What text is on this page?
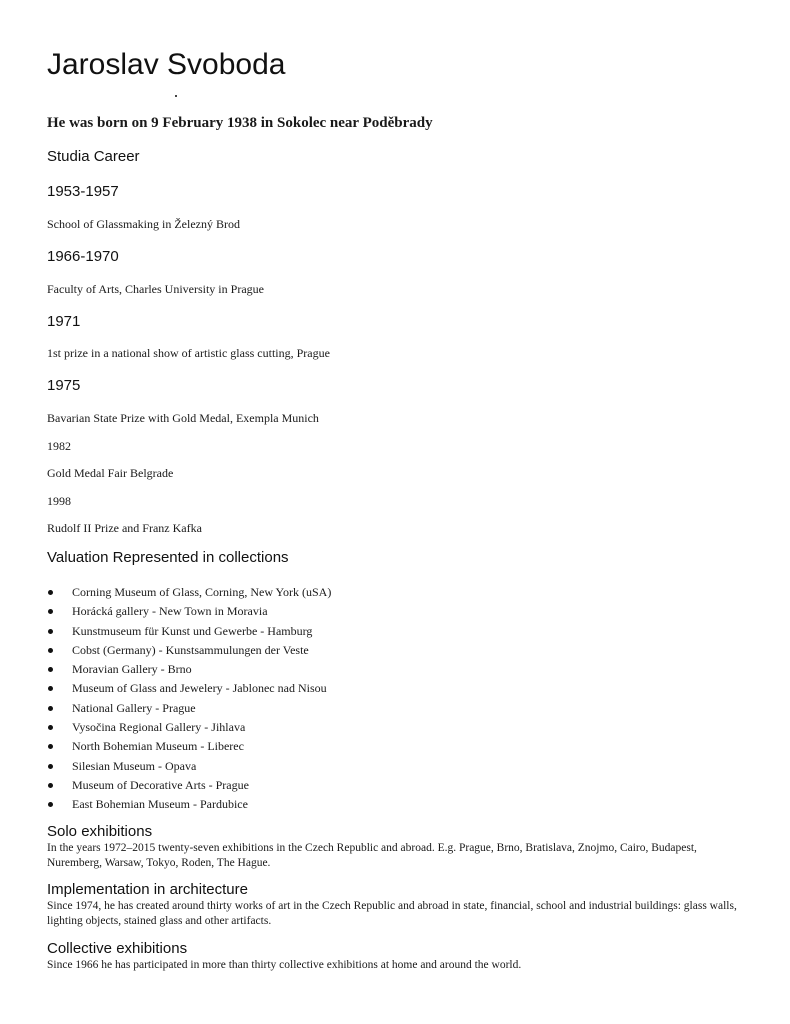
Jaroslav Svoboda

He was born on 9 February 1938 in Sokolec near Poděbrady

Studia Career
1953-1957

School of Glassmaking in Železný Brod

1966-1970

Faculty of Arts, Charles University in Prague

1971

1st prize in a national show of artistic glass cutting, Prague

1975

Bavarian State Prize with Gold Medal, Exempla Munich

1982

Gold Medal Fair Belgrade

1998

Rudolf II Prize and Franz Kafka

Valuation Represented in collections
Corning Museum of Glass, Corning, New York (uSA)
Horácká gallery - New Town in Moravia
Kunstmuseum für Kunst und Gewerbe - Hamburg
Cobst (Germany) - Kunstsammulungen der Veste
Moravian Gallery - Brno
Museum of Glass and Jewelery - Jablonec nad Nisou
National Gallery - Prague
Vysočina Regional Gallery - Jihlava
North Bohemian Museum - Liberec
Silesian Museum - Opava
Museum of Decorative Arts - Prague
East Bohemian Museum - Pardubice
Solo exhibitions

In the years 1972–2015 twenty-seven exhibitions in the Czech Republic and abroad. E.g. Prague, Brno, Bratislava, Znojmo, Cairo, Budapest, Nuremberg, Warsaw, Tokyo, Roden, The Hague.

Implementation in architecture

Since 1974, he has created around thirty works of art in the Czech Republic and abroad in state, financial, school and industrial buildings: glass walls, lighting objects, stained glass and other artifacts.

Collective exhibitions

Since 1966 he has participated in more than thirty collective exhibitions at home and around the world.
